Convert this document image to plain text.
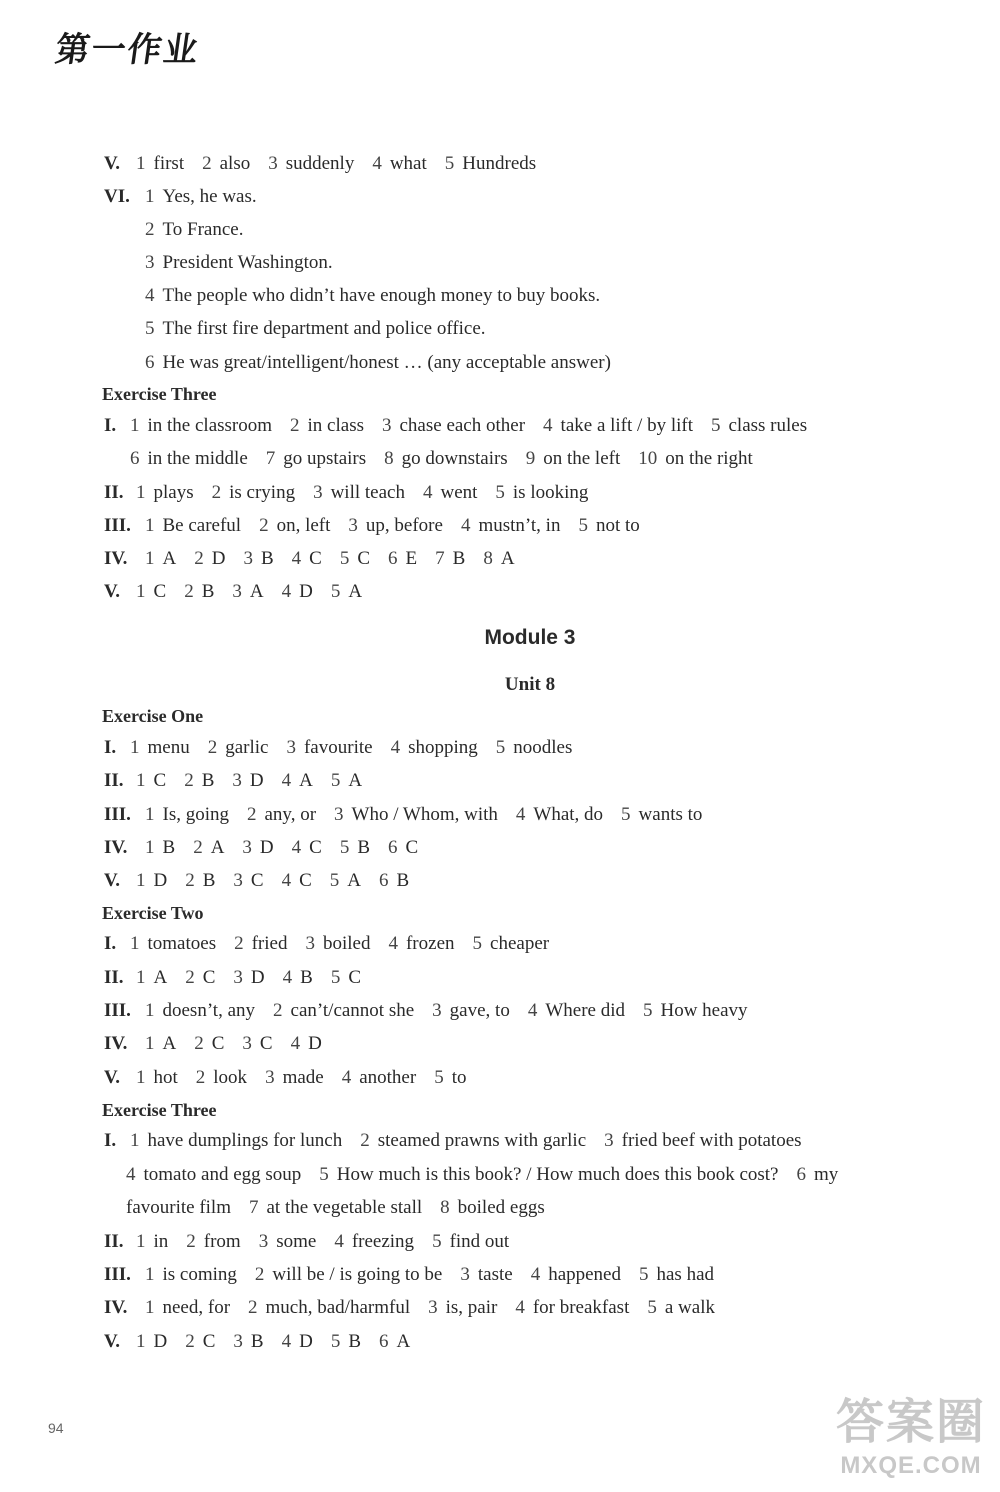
第一作业
V. 1 first 2 also 3 suddenly 4 what 5 Hundreds
VI. 1 Yes, he was.
2 To France.
3 President Washington.
4 The people who didn’t have enough money to buy books.
5 The first fire department and police office.
6 He was great/intelligent/honest … (any acceptable answer)
I. 1 in the classroom 2 in class 3 chase each other 4 take a lift / by lift 5 class rules
6 in the middle 7 go upstairs 8 go downstairs 9 on the left 10 on the right
II. 1 plays 2 is crying 3 will teach 4 went 5 is looking
III. 1 Be careful 2 on, left 3 up, before 4 mustn’t, in 5 not to
IV. 1 A 2 D 3 B 4 C 5 C 6 E 7 B 8 A
V. 1 C 2 B 3 A 4 D 5 A
I. 1 menu 2 garlic 3 favourite 4 shopping 5 noodles
II. 1 C 2 B 3 D 4 A 5 A
III. 1 Is, going 2 any, or 3 Who / Whom, with 4 What, do 5 wants to
IV. 1 B 2 A 3 D 4 C 5 B 6 C
V. 1 D 2 B 3 C 4 C 5 A 6 B
I. 1 tomatoes 2 fried 3 boiled 4 frozen 5 cheaper
II. 1 A 2 C 3 D 4 B 5 C
III. 1 doesn’t, any 2 can’t/cannot she 3 gave, to 4 Where did 5 How heavy
IV. 1 A 2 C 3 C 4 D
V. 1 hot 2 look 3 made 4 another 5 to
I. 1 have dumplings for lunch 2 steamed prawns with garlic 3 fried beef with potatoes
4 tomato and egg soup 5 How much is this book? / How much does this book cost? 6 my
favourite film 7 at the vegetable stall 8 boiled eggs
II. 1 in 2 from 3 some 4 freezing 5 find out
III. 1 is coming 2 will be / is going to be 3 taste 4 happened 5 has had
IV. 1 need, for 2 much, bad/harmful 3 is, pair 4 for breakfast 5 a walk
V. 1 D 2 C 3 B 4 D 5 B 6 A
Exercise Three
Module 3
Unit 8
Exercise One
Exercise Two
Exercise Three
94	答案圈
MXQE.COM
